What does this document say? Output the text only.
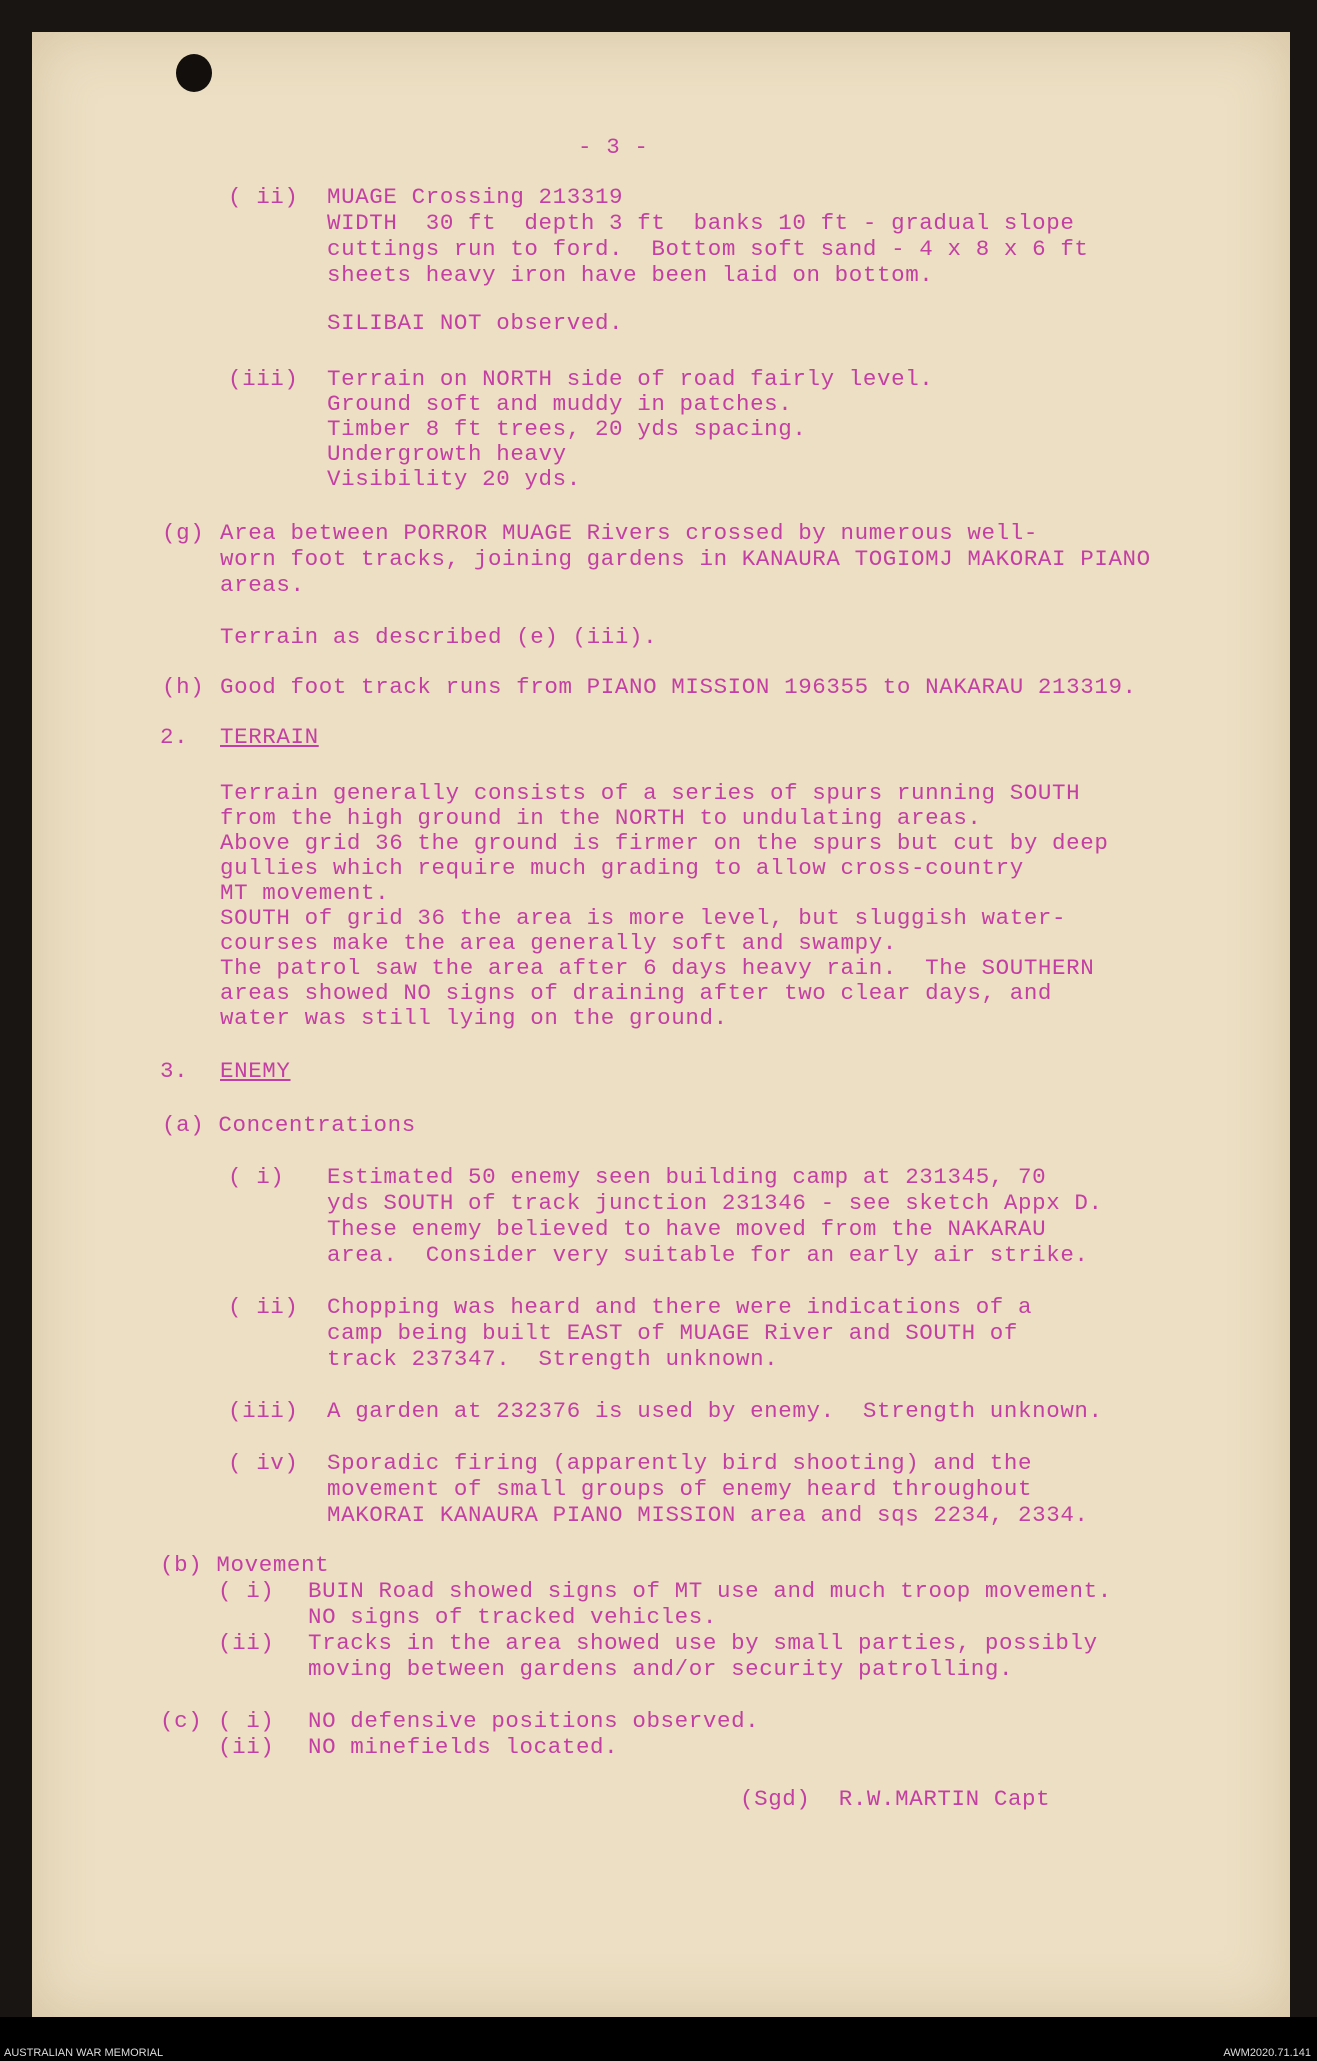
- 3 -
( ii) MUAGE Crossing 213319
WIDTH  30 ft  depth 3 ft  banks 10 ft - gradual slope
cuttings run to ford.  Bottom soft sand - 4 x 8 x 6 ft
sheets heavy iron have been laid on bottom.
SILIBAI NOT observed.
(iii) Terrain on NORTH side of road fairly level.
Ground soft and muddy in patches.
Timber 8 ft trees, 20 yds spacing.
Undergrowth heavy
Visibility 20 yds.
(g) Area between PORROR MUAGE Rivers crossed by numerous well-
worn foot tracks, joining gardens in KANAURA TOGIOMJ MAKORAI PIANO
areas.
Terrain as described (e) (iii).
(h) Good foot track runs from PIANO MISSION 196355 to NAKARAU 213319.
2. TERRAIN
Terrain generally consists of a series of spurs running SOUTH
from the high ground in the NORTH to undulating areas.
Above grid 36 the ground is firmer on the spurs but cut by deep
gullies which require much grading to allow cross-country
MT movement.
SOUTH of grid 36 the area is more level, but sluggish water-
courses make the area generally soft and swampy.
The patrol saw the area after 6 days heavy rain.  The SOUTHERN
areas showed NO signs of draining after two clear days, and
water was still lying on the ground.
3. ENEMY
(a) Concentrations
( i) Estimated 50 enemy seen building camp at 231345, 70
yds SOUTH of track junction 231346 - see sketch Appx D.
These enemy believed to have moved from the NAKARAU
area.  Consider very suitable for an early air strike.
( ii) Chopping was heard and there were indications of a
camp being built EAST of MUAGE River and SOUTH of
track 237347.  Strength unknown.
(iii) A garden at 232376 is used by enemy.  Strength unknown.
( iv) Sporadic firing (apparently bird shooting) and the
movement of small groups of enemy heard throughout
MAKORAI KANAURA PIANO MISSION area and sqs 2234, 2334.
(b) Movement
( i) BUIN Road showed signs of MT use and much troop movement.
NO signs of tracked vehicles.
(ii) Tracks in the area showed use by small parties, possibly
moving between gardens and/or security patrolling.
(c) ( i) NO defensive positions observed.
(ii) NO minefields located.
(Sgd)  R.W.MARTIN Capt
AUSTRALIAN WAR MEMORIAL	AWM2020.71.141
